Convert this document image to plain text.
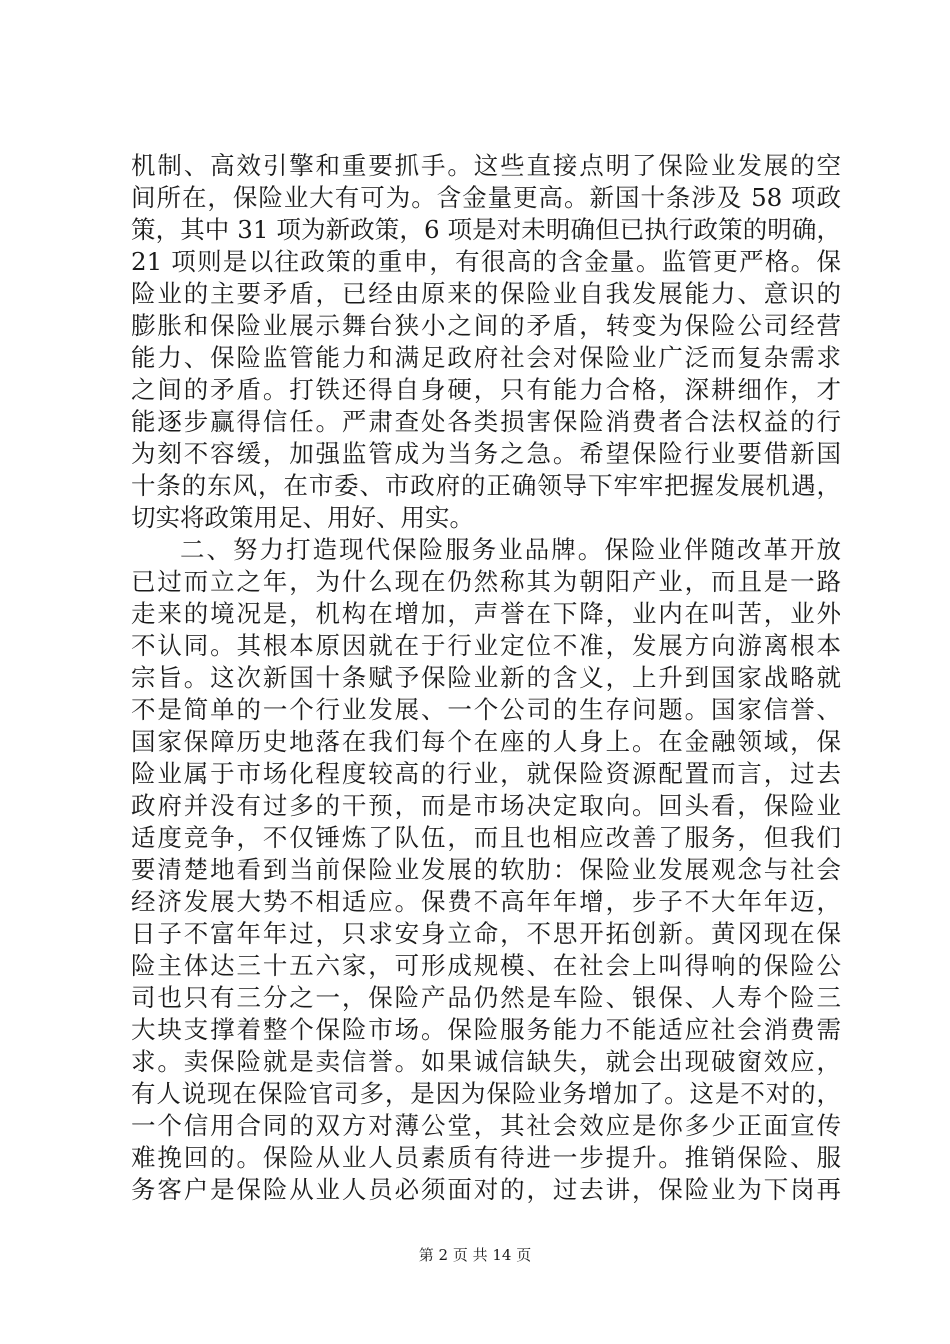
机制、高效引擎和重要抓手。这些直接点明了保险业发展的空
间所在，保险业大有可为。含金量更高。新国十条涉及 58 项政
策，其中 31 项为新政策，6 项是对未明确但已执行政策的明确，
21 项则是以往政策的重申，有很高的含金量。监管更严格。保
险业的主要矛盾，已经由原来的保险业自我发展能力、意识的
膨胀和保险业展示舞台狭小之间的矛盾，转变为保险公司经营
能力、保险监管能力和满足政府社会对保险业广泛而复杂需求
之间的矛盾。打铁还得自身硬，只有能力合格，深耕细作，才
能逐步赢得信任。严肃查处各类损害保险消费者合法权益的行
为刻不容缓，加强监管成为当务之急。希望保险行业要借新国
十条的东风，在市委、市政府的正确领导下牢牢把握发展机遇，
切实将政策用足、用好、用实。
二、努力打造现代保险服务业品牌。保险业伴随改革开放
已过而立之年，为什么现在仍然称其为朝阳产业，而且是一路
走来的境况是，机构在增加，声誉在下降，业内在叫苦，业外
不认同。其根本原因就在于行业定位不准，发展方向游离根本
宗旨。这次新国十条赋予保险业新的含义，上升到国家战略就
不是简单的一个行业发展、一个公司的生存问题。国家信誉、
国家保障历史地落在我们每个在座的人身上。在金融领域，保
险业属于市场化程度较高的行业，就保险资源配置而言，过去
政府并没有过多的干预，而是市场决定取向。回头看，保险业
适度竞争，不仅锤炼了队伍，而且也相应改善了服务，但我们
要清楚地看到当前保险业发展的软肋：保险业发展观念与社会
经济发展大势不相适应。保费不高年年增，步子不大年年迈，
日子不富年年过，只求安身立命，不思开拓创新。黄冈现在保
险主体达三十五六家，可形成规模、在社会上叫得响的保险公
司也只有三分之一，保险产品仍然是车险、银保、人寿个险三
大块支撑着整个保险市场。保险服务能力不能适应社会消费需
求。卖保险就是卖信誉。如果诚信缺失，就会出现破窗效应，
有人说现在保险官司多，是因为保险业务增加了。这是不对的，
一个信用合同的双方对薄公堂，其社会效应是你多少正面宣传
难挽回的。保险从业人员素质有待进一步提升。推销保险、服
务客户是保险从业人员必须面对的，过去讲，保险业为下岗再
第 2 页 共 14 页
